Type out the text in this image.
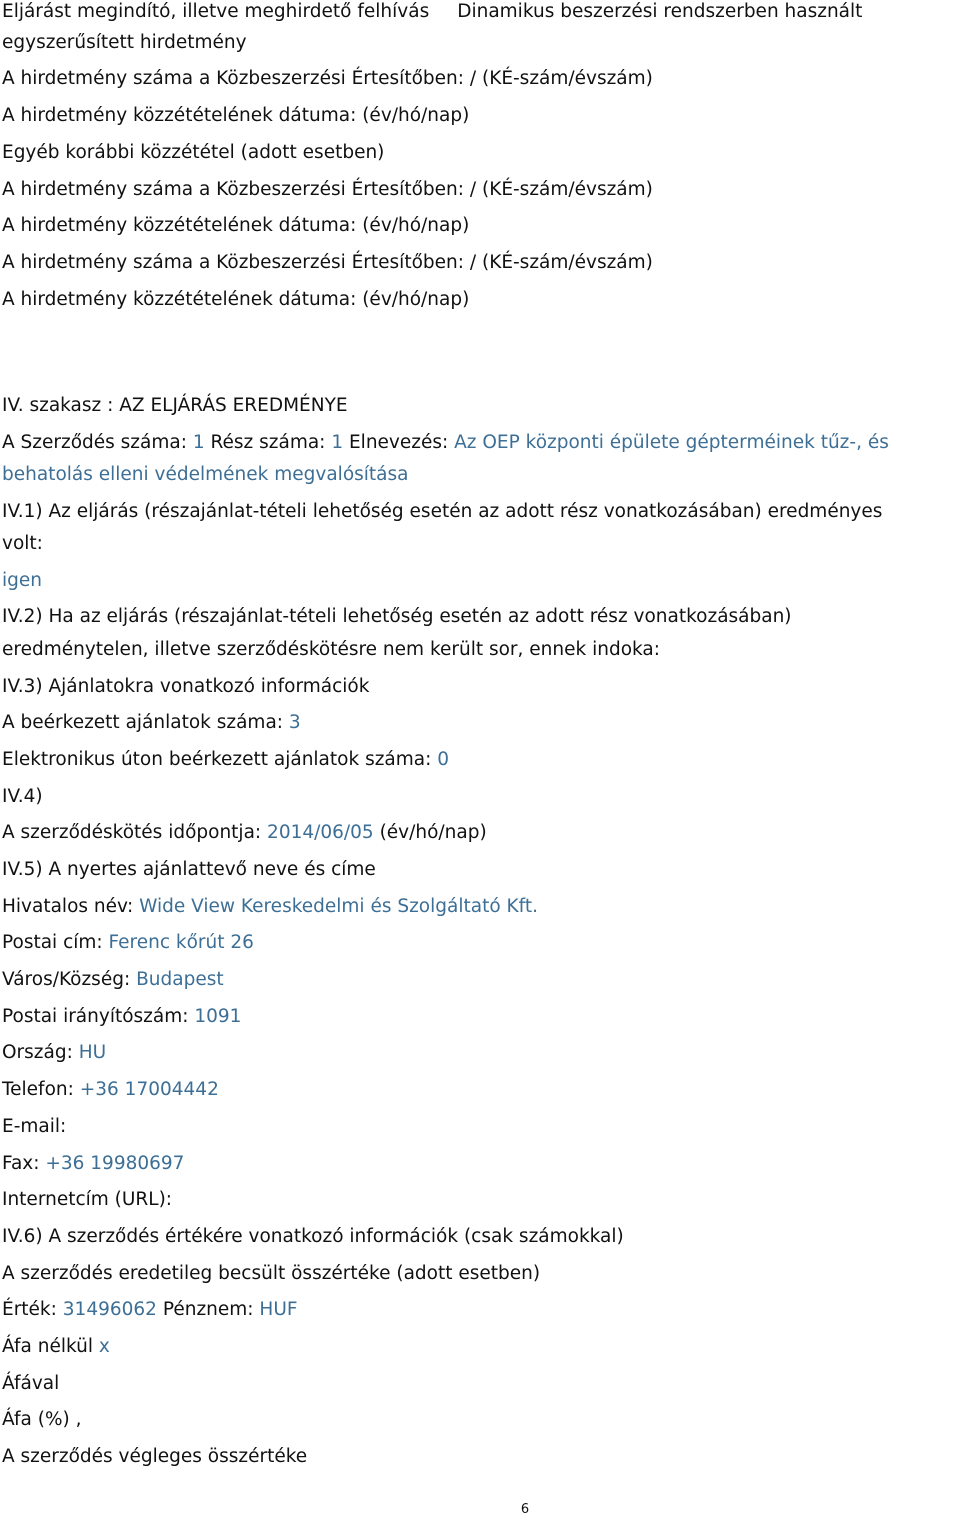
Eljárást megindító, illetve meghirdető felhívás Dinamikus beszerzési rendszerben használt
egyszerűsített hirdetmény
A hirdetmény száma a Közbeszerzési Értesítőben: / (KÉ-szám/évszám)
A hirdetmény közzétételének dátuma: (év/hó/nap)
Egyéb korábbi közzététel (adott esetben)
A hirdetmény száma a Közbeszerzési Értesítőben: / (KÉ-szám/évszám)
A hirdetmény közzétételének dátuma: (év/hó/nap)
A hirdetmény száma a Közbeszerzési Értesítőben: / (KÉ-szám/évszám)
A hirdetmény közzétételének dátuma: (év/hó/nap)
IV. szakasz : AZ ELJÁRÁS EREDMÉNYE
A Szerződés száma: 1 Rész száma: 1 Elnevezés: Az OEP központi épülete gépterméinek tűz-, és
behatolás elleni védelmének megvalósítása
IV.1) Az eljárás (részajánlat-tételi lehetőség esetén az adott rész vonatkozásában) eredményes
volt:
igen
IV.2) Ha az eljárás (részajánlat-tételi lehetőség esetén az adott rész vonatkozásában)
eredménytelen, illetve szerződéskötésre nem került sor, ennek indoka:
IV.3) Ajánlatokra vonatkozó információk
A beérkezett ajánlatok száma: 3
Elektronikus úton beérkezett ajánlatok száma: 0
IV.4)
A szerződéskötés időpontja: 2014/06/05 (év/hó/nap)
IV.5) A nyertes ajánlattevő neve és címe
Hivatalos név: Wide View Kereskedelmi és Szolgáltató Kft.
Postai cím: Ferenc kőrút 26
Város/Község: Budapest
Postai irányítószám: 1091
Ország: HU
Telefon: +36 17004442
E-mail:
Fax: +36 19980697
Internetcím (URL):
IV.6) A szerződés értékére vonatkozó információk (csak számokkal)
A szerződés eredetileg becsült összértéke (adott esetben)
Érték: 31496062 Pénznem: HUF
Áfa nélkül x
Áfával
Áfa (%) ,
A szerződés végleges összértéke
6
